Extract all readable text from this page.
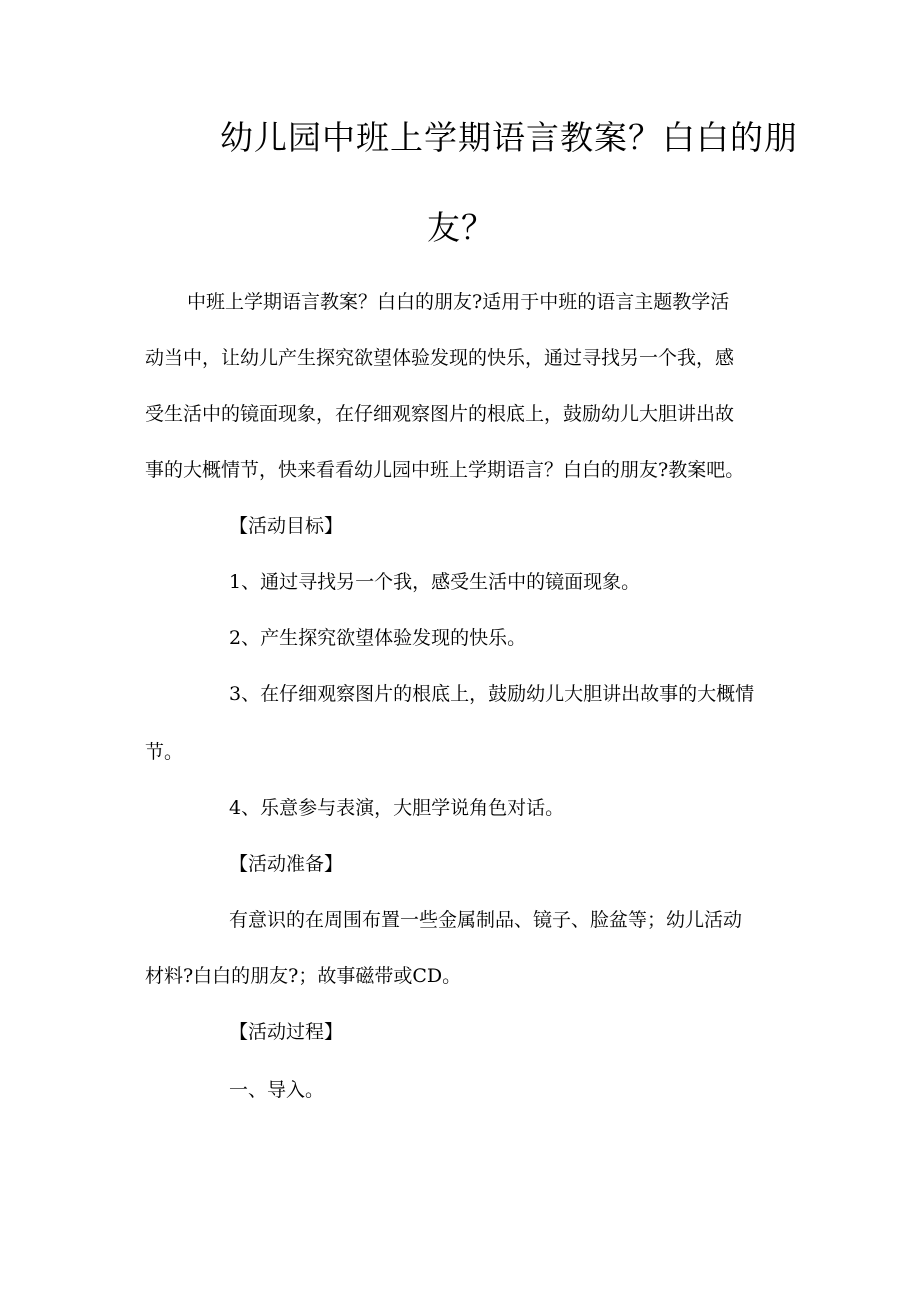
幼儿园中班上学期语言教案？白白的朋
友？
中班上学期语言教案？白白的朋友?适用于中班的语言主题教学活
动当中，让幼儿产生探究欲望体验发现的快乐，通过寻找另一个我，感
受生活中的镜面现象，在仔细观察图片的根底上，鼓励幼儿大胆讲出故
事的大概情节，快来看看幼儿园中班上学期语言？白白的朋友?教案吧。
【活动目标】
1、通过寻找另一个我，感受生活中的镜面现象。
2、产生探究欲望体验发现的快乐。
3、在仔细观察图片的根底上，鼓励幼儿大胆讲出故事的大概情
节。
4、乐意参与表演，大胆学说角色对话。
【活动准备】
有意识的在周围布置一些金属制品、镜子、脸盆等；幼儿活动
材料?白白的朋友?；故事磁带或CD。
【活动过程】
一、导入。
